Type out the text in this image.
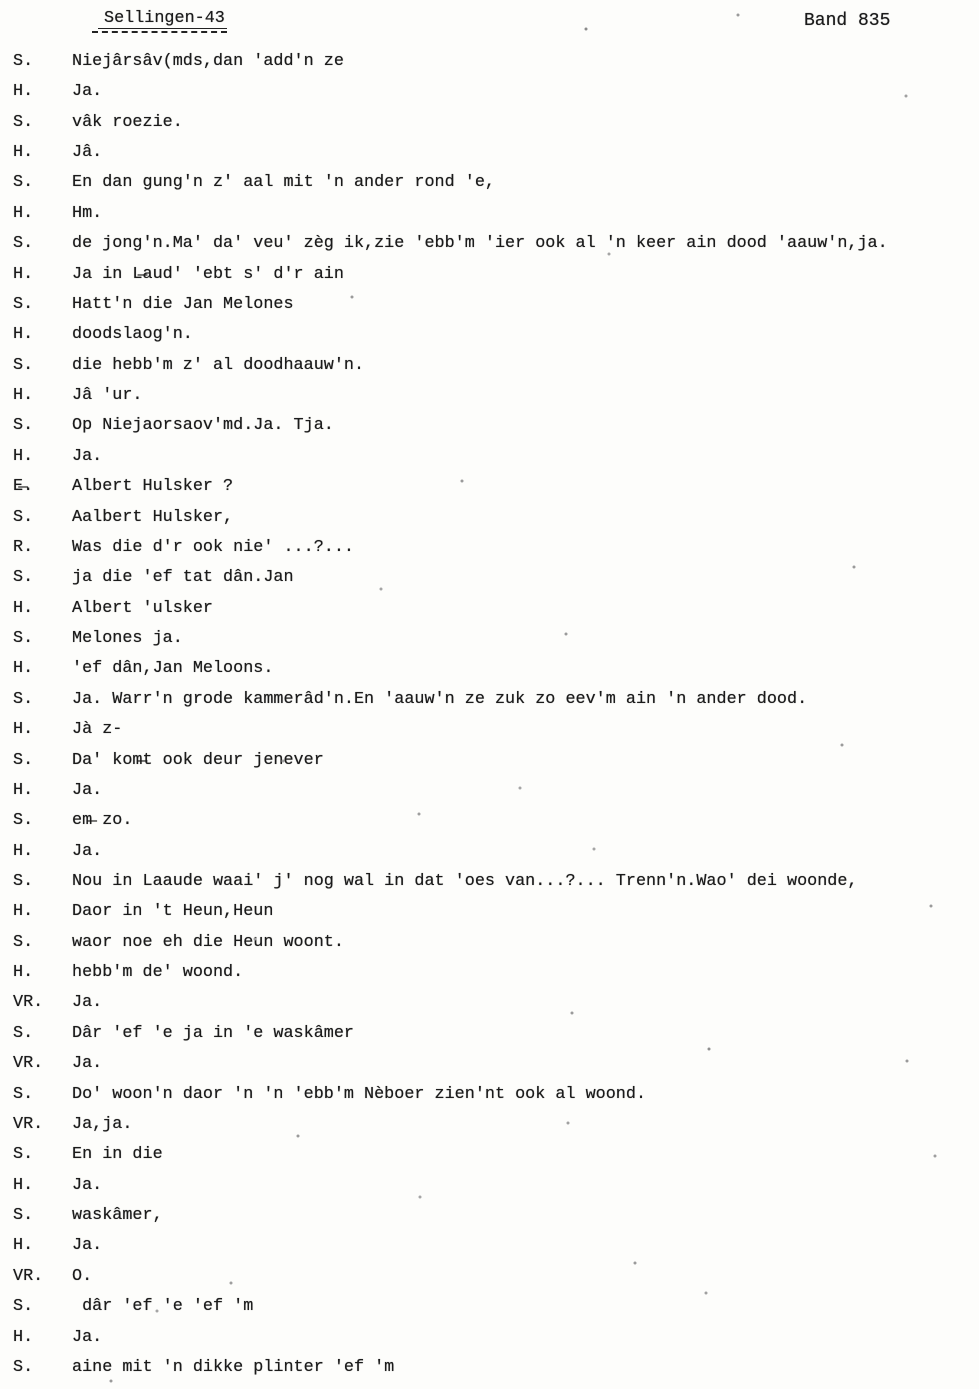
Sellingen-43	Band 835
S.	Niejârsâv(mds,dan 'add'n ze
H.	Ja.
S.	vâk roezie.
H.	Jâ.
S.	En dan gung'n z' aal mit 'n ander rond 'e,
H.	Hm.
S.	de jong'n.Ma' da' veu' zèg ik,zie 'ebb'm 'ier ook al 'n keer ain dood 'aauw'n,ja.
H.	Ja in L̶aud' 'ebt s' d'r ain
S.	Hatt'n die Jan Melones
H.	doodslaog'n.
S.	die hebb'm z' al doodhaauw'n.
H.	Jâ 'ur.
S.	Op Niejaorsaov'md.Ja. Tja.
H.	Ja.
E̶.	Albert Hulsker ?
S.	Aalbert Hulsker,
R.	Was die d'r ook nie' ...?...
S.	ja die 'ef tat dân.Jan
H.	Albert 'ulsker
S.	Melones ja.
H.	'ef dân,Jan Meloons.
S.	Ja. Warr'n grode kammerâd'n.En 'aauw'n ze zuk zo eev'm ain 'n ander dood.
H.	Jà z-
S.	Da' kom̶t ook deur jenever
H.	Ja.
S.	em̶ zo.
H.	Ja.
S.	Nou in Laaude waai' j' nog wal in dat 'oes van...?... Trenn'n.Wao' dei woonde,
H.	Daor in 't Heun,Heun
S.	waor noe eh die Heun woont.
H.	hebb'm de' woond.
VR.	Ja.
S.	Dâr 'ef 'e ja in 'e waskâmer
VR.	Ja.
S.	Do' woon'n daor 'n 'n 'ebb'm Nèboer zien'nt ook al woond.
VR.	Ja,ja.
S.	En in die
H.	Ja.
S.	waskâmer,
H.	Ja.
VR.	O.
S.	dâr 'ef 'e 'ef 'm
H.	Ja.
S.	aine mit 'n dikke plinter 'ef 'm
